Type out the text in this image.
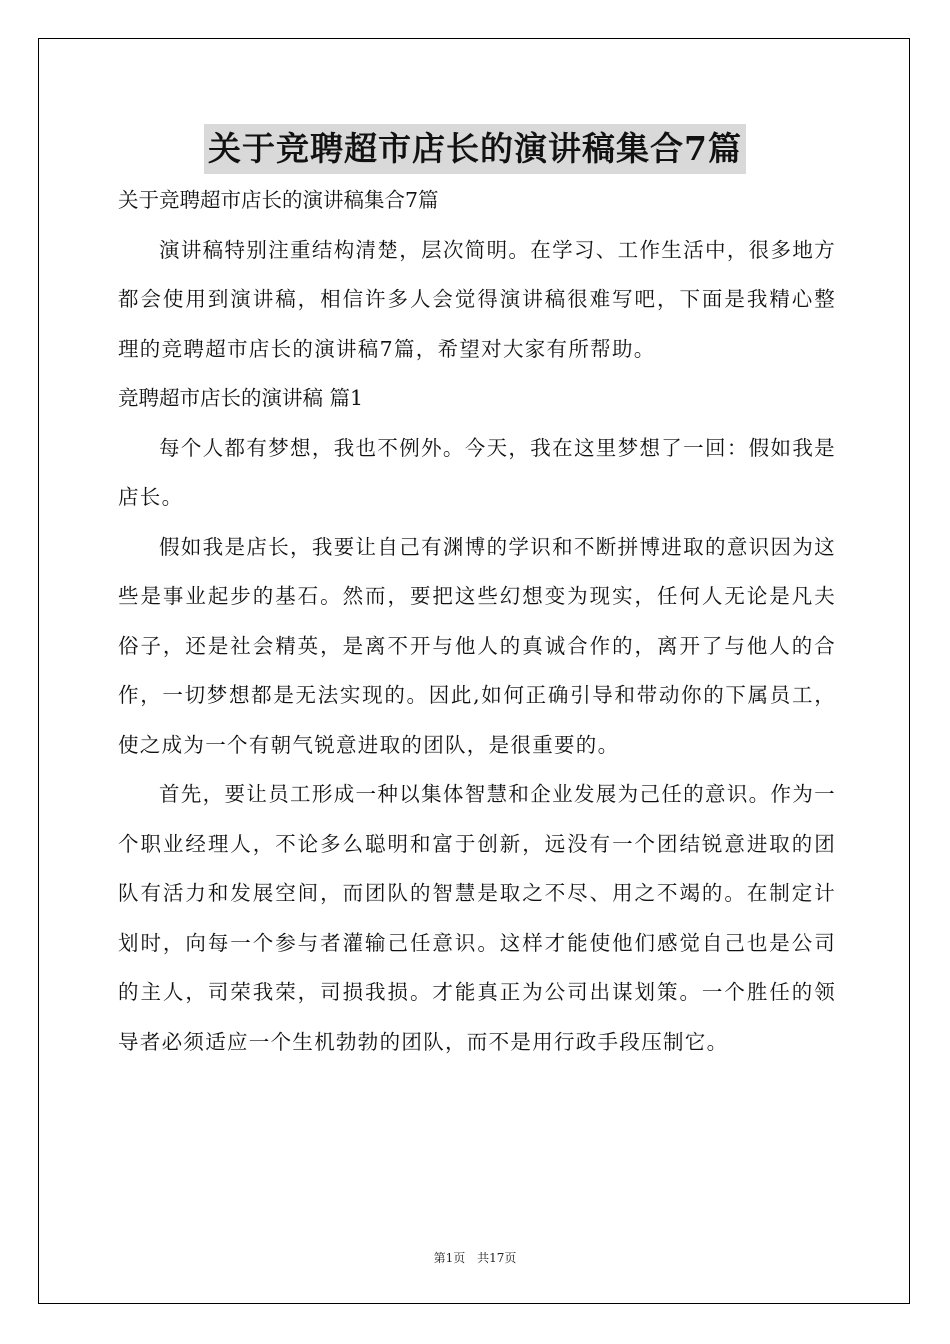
关于竞聘超市店长的演讲稿集合7篇

关于竞聘超市店长的演讲稿集合7篇

演讲稿特别注重结构清楚，层次简明。在学习、工作生活中，很多地方都会使用到演讲稿，相信许多人会觉得演讲稿很难写吧，下面是我精心整理的竞聘超市店长的演讲稿7篇，希望对大家有所帮助。

竞聘超市店长的演讲稿 篇1

每个人都有梦想，我也不例外。今天，我在这里梦想了一回：假如我是店长。

假如我是店长，我要让自己有渊博的学识和不断拼博进取的意识因为这些是事业起步的基石。然而，要把这些幻想变为现实，任何人无论是凡夫俗子，还是社会精英，是离不开与他人的真诚合作的，离开了与他人的合作，一切梦想都是无法实现的。因此,如何正确引导和带动你的下属员工，使之成为一个有朝气锐意进取的团队，是很重要的。

首先，要让员工形成一种以集体智慧和企业发展为己任的意识。作为一个职业经理人，不论多么聪明和富于创新，远没有一个团结锐意进取的团队有活力和发展空间，而团队的智慧是取之不尽、用之不竭的。在制定计划时，向每一个参与者灌输己任意识。这样才能使他们感觉自己也是公司的主人，司荣我荣，司损我损。才能真正为公司出谋划策。一个胜任的领导者必须适应一个生机勃勃的团队，而不是用行政手段压制它。

第1页 共17页
